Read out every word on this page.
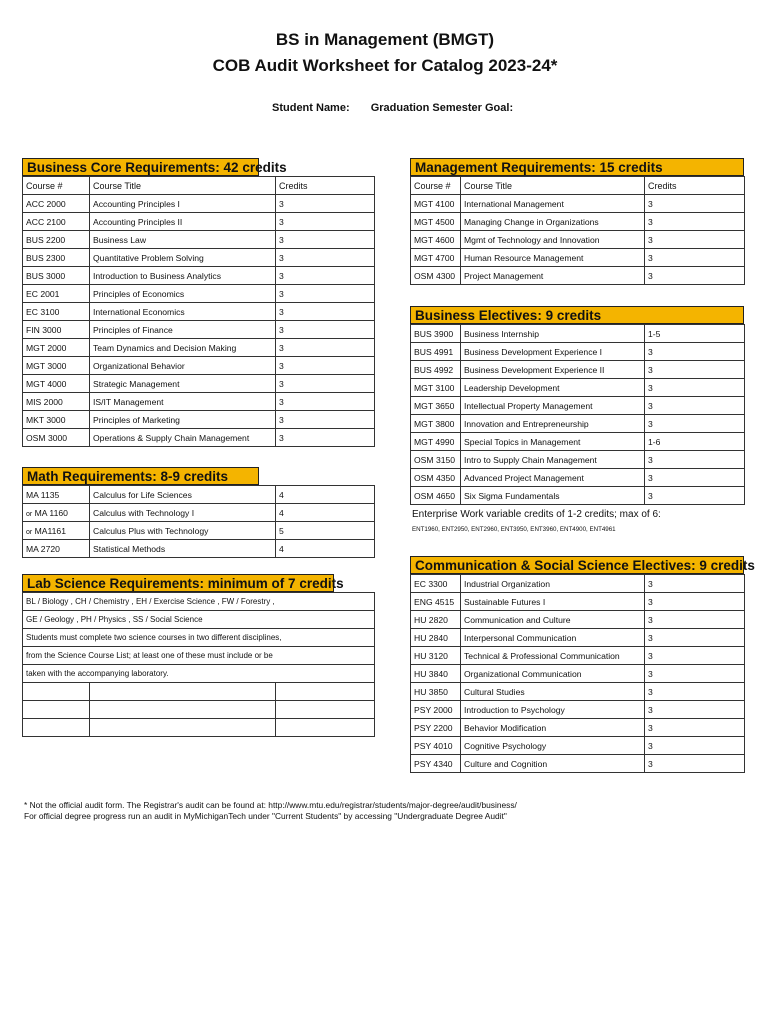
BS in Management (BMGT)
COB Audit Worksheet for Catalog 2023-24*
Student Name: Graduation Semester Goal:
Business Core Requirements: 42 credits
Course #	Course Title	Credits
ACC 2000	Accounting Principles I	3
ACC 2100	Accounting Principles II	3
BUS 2200	Business Law	3
BUS 2300	Quantitative Problem Solving	3
BUS 3000	Introduction to Business Analytics	3
EC 2001	Principles of Economics	3
EC 3100	International Economics	3
FIN 3000	Principles of Finance	3
MGT 2000	Team Dynamics and Decision Making	3
MGT 3000	Organizational Behavior	3
MGT 4000	Strategic Management	3
MIS 2000	IS/IT Management	3
MKT 3000	Principles of Marketing	3
OSM 3000	Operations & Supply Chain Management	3
Math Requirements: 8-9 credits
MA 1135	Calculus for Life Sciences	4
or MA 1160	Calculus with Technology I	4
or MA1161	Calculus Plus with Technology	5
MA 2720	Statistical Methods	4
Lab Science Requirements: minimum of 7 credits
BL / Biology , CH / Chemistry , EH / Exercise Science , FW / Forestry ,		
GE / Geology , PH / Physics , SS / Social Science		
Students must complete two science courses in two different disciplines,		
from the Science Course List; at least one of these must include or be		
taken with the accompanying laboratory.		

Management Requirements: 15 credits
Course #	Course Title	Credits
MGT 4100	International Management	3
MGT 4500	Managing Change in Organizations	3
MGT 4600	Mgmt of Technology and Innovation	3
MGT 4700	Human Resource Management	3
OSM 4300	Project Management	3
Business Electives: 9 credits
BUS 3900	Business Internship	1-5
BUS 4991	Business Development Experience I	3
BUS 4992	Business Development Experience II	3
MGT 3100	Leadership Development	3
MGT 3650	Intellectual Property Management	3
MGT 3800	Innovation and Entrepreneurship	3
MGT 4990	Special Topics in Management	1-6
OSM 3150	Intro to Supply Chain Management	3
OSM 4350	Advanced Project Management	3
OSM 4650	Six Sigma Fundamentals	3
Enterprise Work variable credits of 1-2 credits; max of 6:
ENT1960, ENT2950, ENT2960, ENT3950, ENT3960, ENT4900, ENT4961
Communication & Social Science Electives: 9 credits
EC 3300	Industrial Organization	3
ENG 4515	Sustainable Futures I	3
HU 2820	Communication and Culture	3
HU 2840	Interpersonal Communication	3
HU 3120	Technical & Professional Communication	3
HU 3840	Organizational Communication	3
HU 3850	Cultural Studies	3
PSY 2000	Introduction to Psychology	3
PSY 2200	Behavior Modification	3
PSY 4010	Cognitive Psychology	3
PSY 4340	Culture and Cognition	3
* Not the official audit form. The Registrar's audit can be found at: http://www.mtu.edu/registrar/students/major-degree/audit/business/
For official degree progress run an audit in MyMichiganTech under "Current Students" by accessing "Undergraduate Degree Audit"
